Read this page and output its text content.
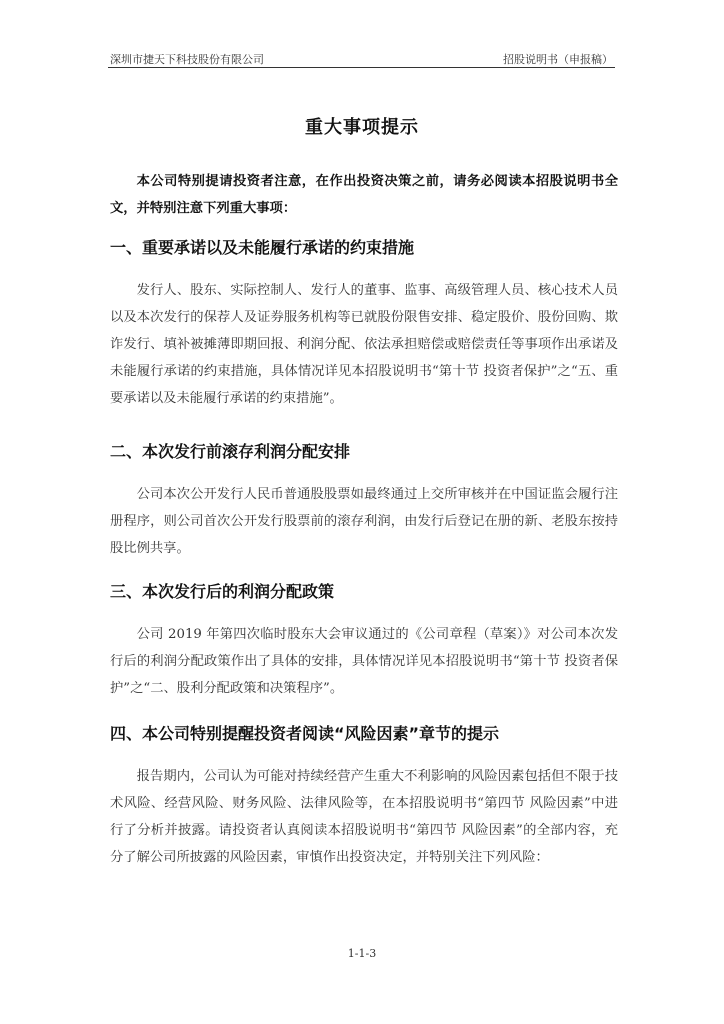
深圳市捷天下科技股份有限公司	招股说明书（申报稿）
重大事项提示

本公司特别提请投资者注意，在作出投资决策之前，请务必阅读本招股说明书全文，并特别注意下列重大事项：

一、重要承诺以及未能履行承诺的约束措施

发行人、股东、实际控制人、发行人的董事、监事、高级管理人员、核心技术人员以及本次发行的保荐人及证券服务机构等已就股份限售安排、稳定股价、股份回购、欺诈发行、填补被摊薄即期回报、利润分配、依法承担赔偿或赔偿责任等事项作出承诺及未能履行承诺的约束措施，具体情况详见本招股说明书“第十节 投资者保护”之“五、重要承诺以及未能履行承诺的约束措施”。

二、本次发行前滚存利润分配安排

公司本次公开发行人民币普通股股票如最终通过上交所审核并在中国证监会履行注册程序，则公司首次公开发行股票前的滚存利润，由发行后登记在册的新、老股东按持股比例共享。

三、本次发行后的利润分配政策

公司 2019 年第四次临时股东大会审议通过的《公司章程（草案）》对公司本次发行后的利润分配政策作出了具体的安排，具体情况详见本招股说明书“第十节 投资者保护”之“二、股利分配政策和决策程序”。

四、本公司特别提醒投资者阅读“风险因素”章节的提示

报告期内，公司认为可能对持续经营产生重大不利影响的风险因素包括但不限于技术风险、经营风险、财务风险、法律风险等，在本招股说明书“第四节 风险因素”中进行了分析并披露。请投资者认真阅读本招股说明书“第四节 风险因素”的全部内容，充分了解公司所披露的风险因素，审慎作出投资决定，并特别关注下列风险：

1-1-3
